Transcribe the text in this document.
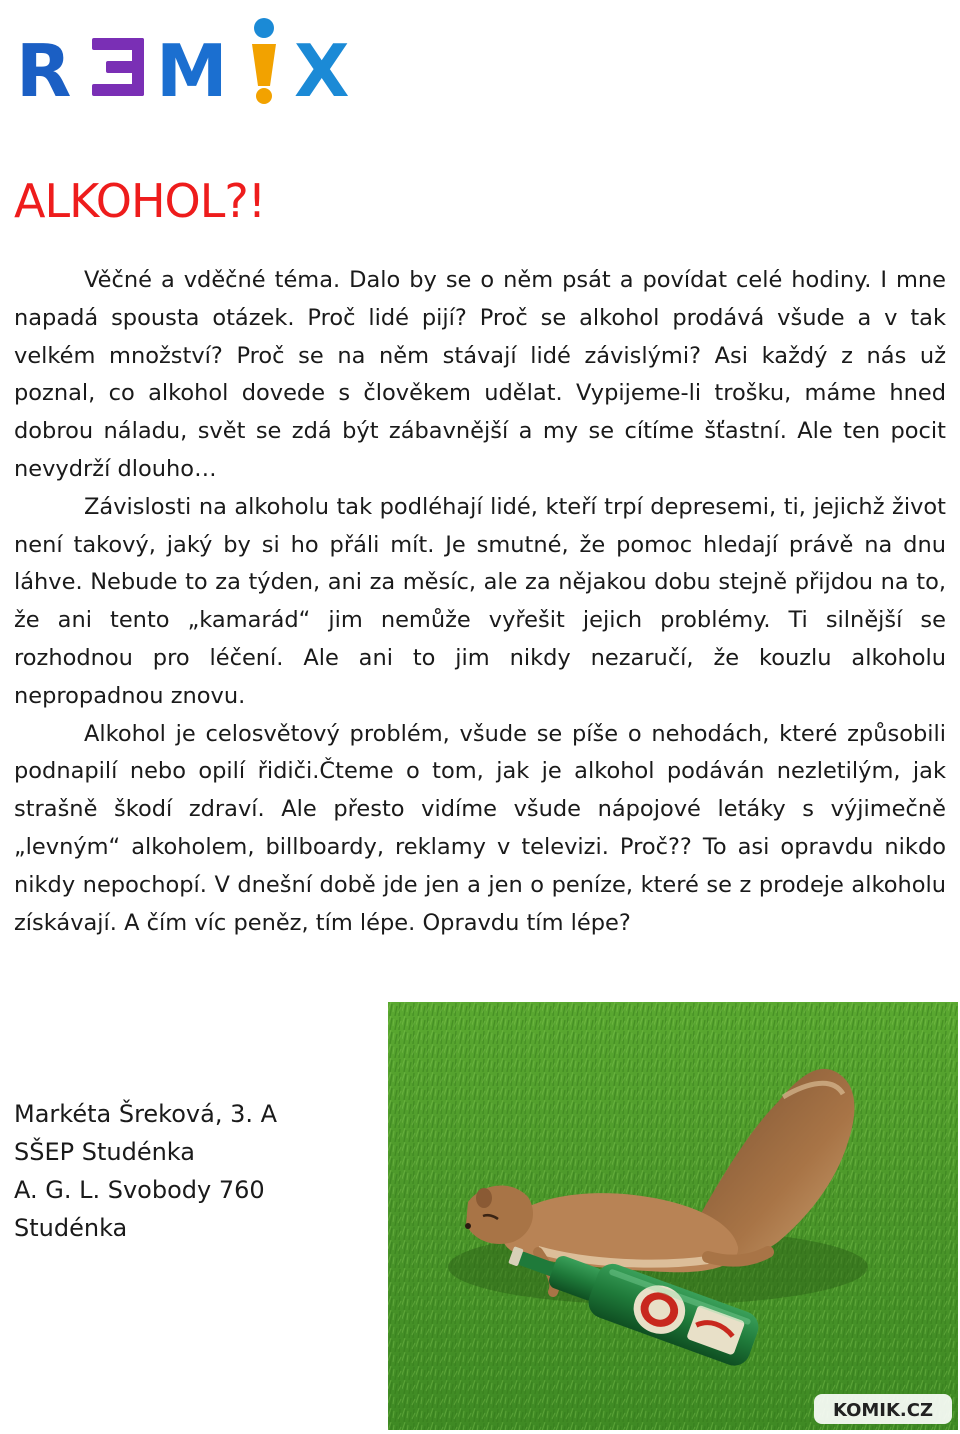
R M X
ALKOHOL?!

Věčné a vděčné téma. Dalo by se o něm psát a povídat celé hodiny. I mne napadá spousta otázek. Proč lidé pijí? Proč se alkohol prodává všude a v tak velkém množství? Proč se na něm stávají lidé závislými? Asi každý z nás už poznal, co alkohol dovede s člověkem udělat. Vypijeme-li trošku, máme hned dobrou náladu, svět se zdá být zábavnější a my se cítíme šťastní. Ale ten pocit nevydrží dlouho…

Závislosti na alkoholu tak podléhají lidé, kteří trpí depresemi, ti, jejichž život není takový, jaký by si ho přáli mít. Je smutné, že pomoc hledají právě na dnu láhve. Nebude to za týden, ani za měsíc, ale za nějakou dobu stejně přijdou na to, že ani tento „kamarád“ jim nemůže vyřešit jejich problémy. Ti silnější se rozhodnou pro léčení. Ale ani to jim nikdy nezaručí, že kouzlu alkoholu nepropadnou znovu.

Alkohol je celosvětový problém, všude se píše o nehodách, které způsobili podnapilí nebo opilí řidiči.Čteme o tom, jak je alkohol podáván nezletilým, jak strašně škodí zdraví. Ale přesto vidíme všude nápojové letáky s výjimečně „levným“ alkoholem, billboardy, reklamy v televizi. Proč?? To asi opravdu nikdo nikdy nepochopí. V dnešní době jde jen a jen o peníze, které se z prodeje alkoholu získávají. A čím víc peněz, tím lépe. Opravdu tím lépe?

Markéta Šreková, 3. A
SŠEP Studénka
A. G. L. Svobody 760
Studénka
KOMIK.CZ
